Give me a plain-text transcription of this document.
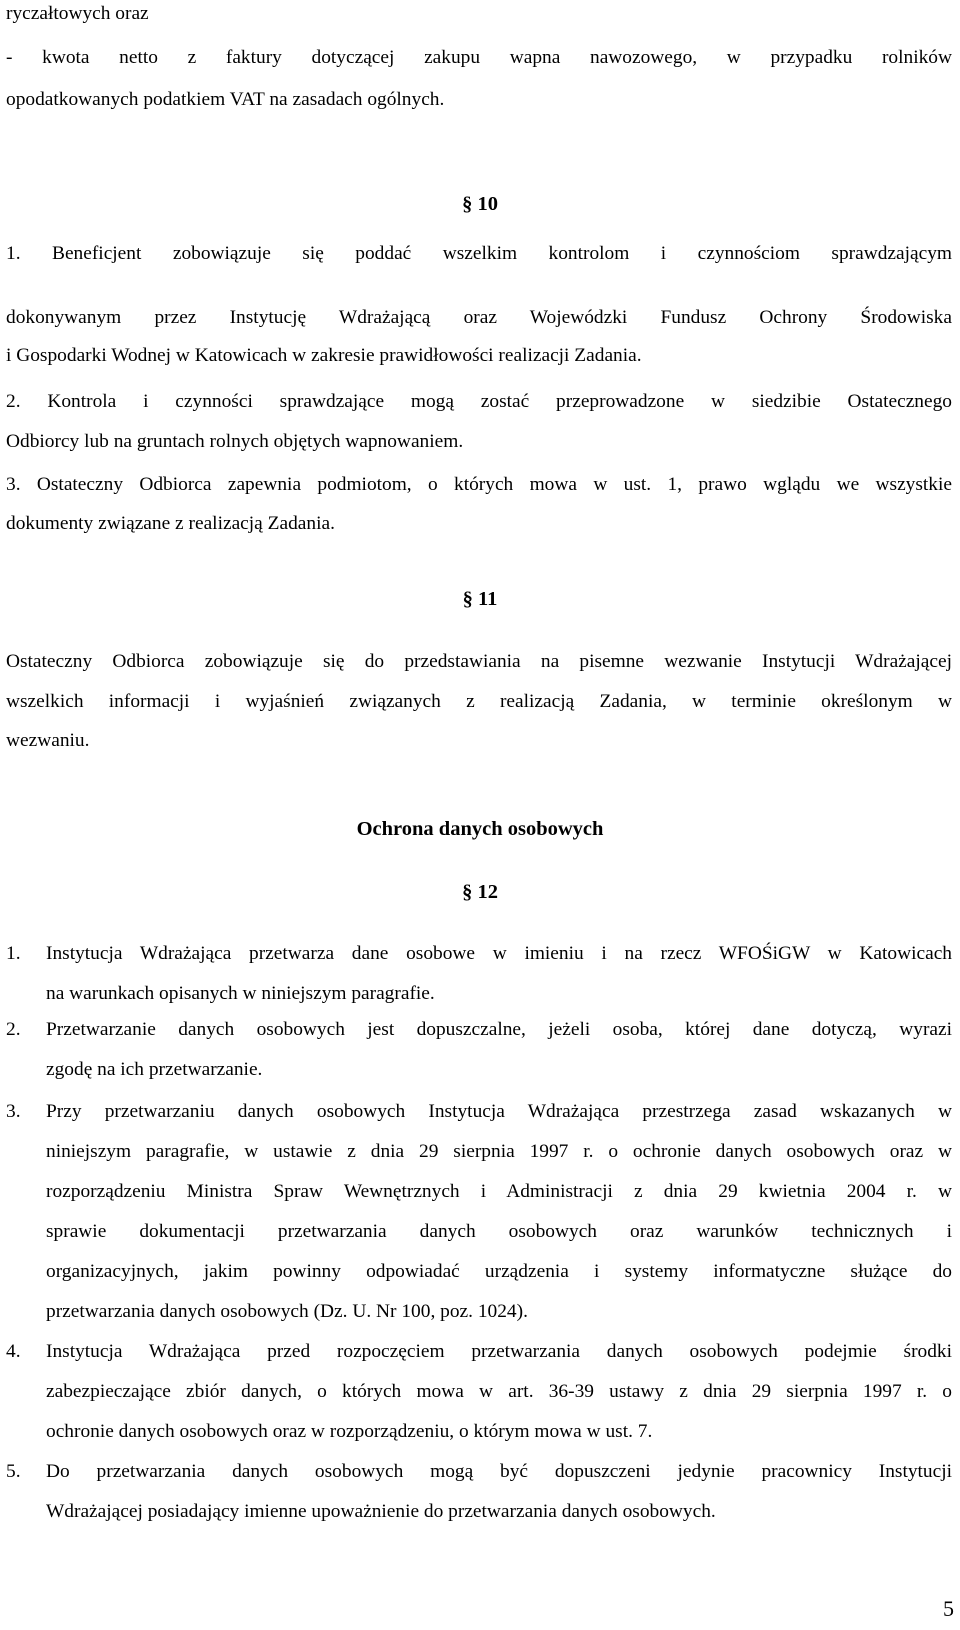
ryczałtowych oraz
- kwota netto z faktury dotyczącej zakupu wapna nawozowego, w przypadku rolników
opodatkowanych podatkiem VAT na zasadach ogólnych.
§ 10
1. Beneficjent zobowiązuje się poddać wszelkim kontrolom i czynnościom sprawdzającym
dokonywanym przez Instytucję Wdrażającą oraz Wojewódzki Fundusz Ochrony Środowiska
i Gospodarki Wodnej w Katowicach w zakresie prawidłowości realizacji Zadania.
2. Kontrola i czynności sprawdzające mogą zostać przeprowadzone w siedzibie Ostatecznego
Odbiorcy lub na gruntach rolnych objętych wapnowaniem.
3. Ostateczny Odbiorca zapewnia podmiotom, o których mowa w ust. 1, prawo wglądu we wszystkie
dokumenty związane z realizacją Zadania.
§ 11
Ostateczny Odbiorca zobowiązuje się do przedstawiania na pisemne wezwanie Instytucji Wdrażającej
wszelkich informacji i wyjaśnień związanych z realizacją Zadania, w terminie określonym w
wezwaniu.
Ochrona danych osobowych
§ 12
1.	Instytucja Wdrażająca przetwarza dane osobowe w imieniu i na rzecz WFOŚiGW w Katowicach
na warunkach opisanych w niniejszym paragrafie.
2.	Przetwarzanie danych osobowych jest dopuszczalne, jeżeli osoba, której dane dotyczą, wyrazi
zgodę na ich przetwarzanie.
3.	Przy przetwarzaniu danych osobowych Instytucja Wdrażająca przestrzega zasad wskazanych w
niniejszym paragrafie, w ustawie z dnia 29 sierpnia 1997 r. o ochronie danych osobowych oraz w
rozporządzeniu Ministra Spraw Wewnętrznych i Administracji z dnia 29 kwietnia 2004 r. w
sprawie dokumentacji przetwarzania danych osobowych oraz warunków technicznych i
organizacyjnych, jakim powinny odpowiadać urządzenia i systemy informatyczne służące do
przetwarzania danych osobowych (Dz. U. Nr 100, poz. 1024).
4.	Instytucja Wdrażająca przed rozpoczęciem przetwarzania danych osobowych podejmie środki
zabezpieczające zbiór danych, o których mowa w art. 36-39 ustawy z dnia 29 sierpnia 1997 r. o
ochronie danych osobowych oraz w rozporządzeniu, o którym mowa w ust. 7.
5.	Do przetwarzania danych osobowych mogą być dopuszczeni jedynie pracownicy Instytucji
Wdrażającej posiadający imienne upoważnienie do przetwarzania danych osobowych.
5
